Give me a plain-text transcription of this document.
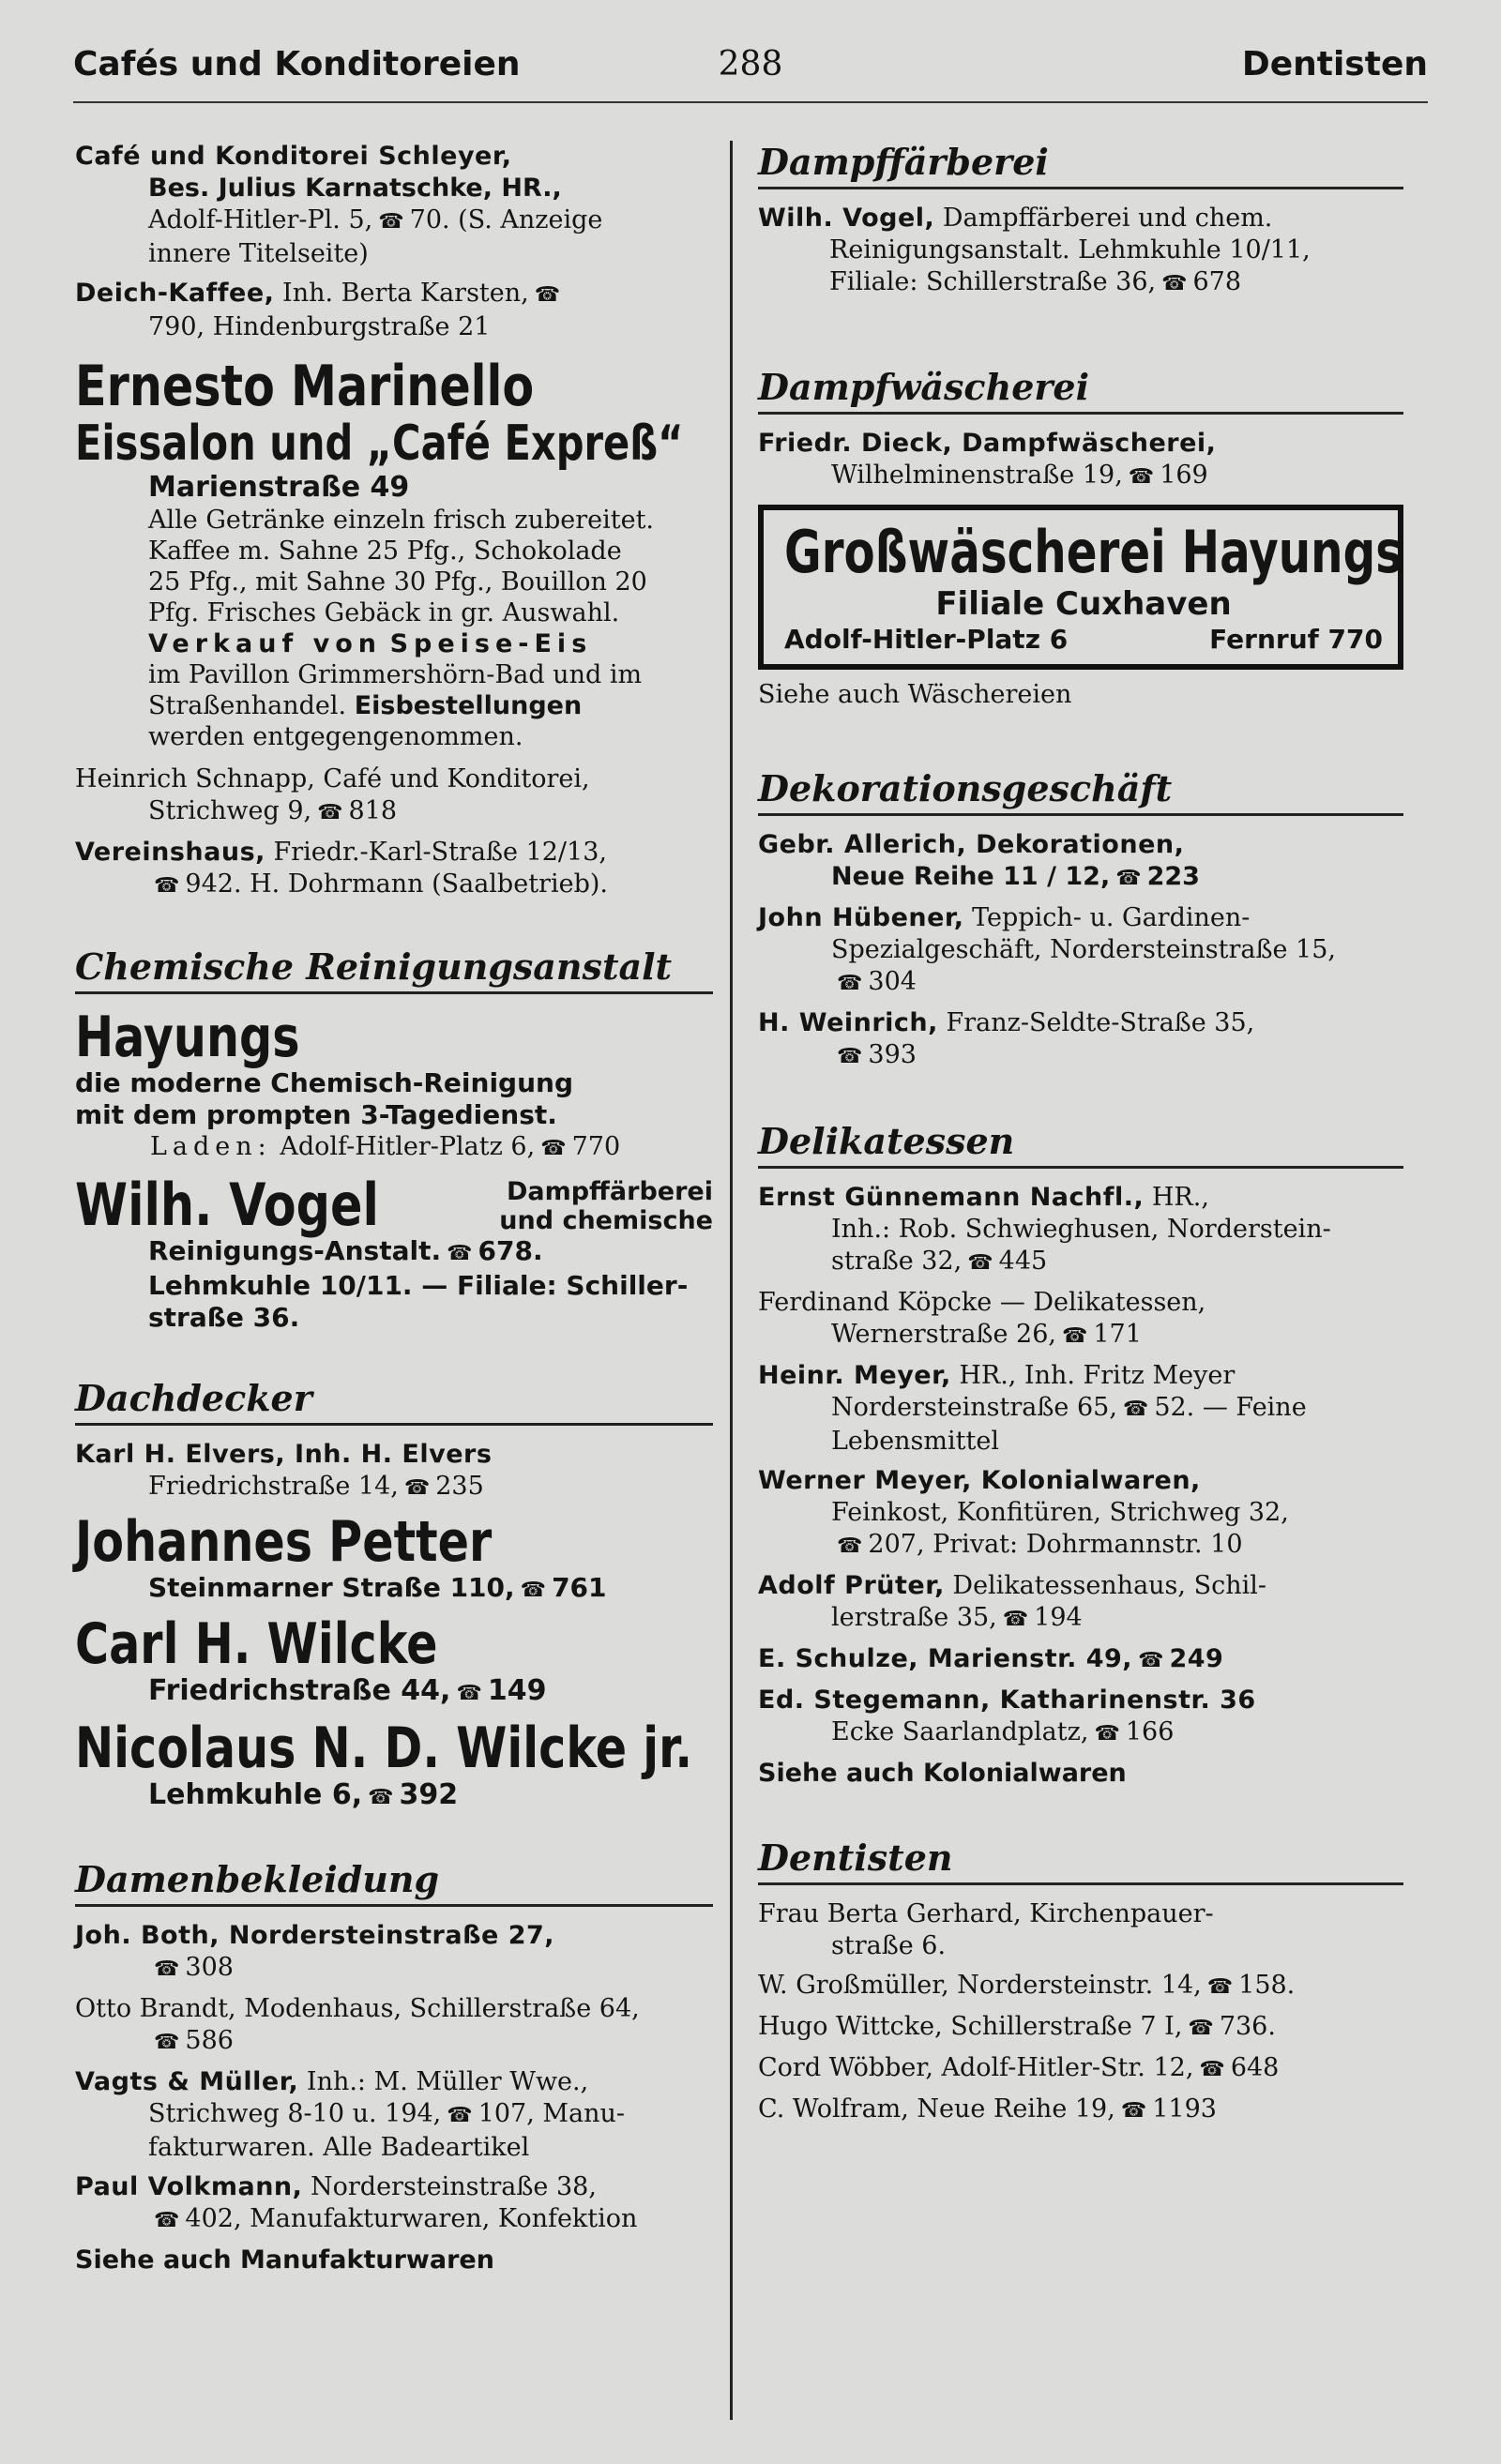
Cafés und Konditoreien	288	Dentisten
Café und Konditorei Schleyer,
Bes. Julius Karnatschke, HR.,
Adolf-Hitler-Pl. 5, ☎ 70. (S. Anzeige
innere Titelseite)
Deich-Kaffee, Inh. Berta Karsten, ☎
790, Hindenburgstraße 21
Ernesto Marinello
Eissalon und „Café Expreß“
Marienstraße 49
Alle Getränke einzeln frisch zubereitet.
Kaffee m. Sahne 25 Pfg., Schokolade
25 Pfg., mit Sahne 30 Pfg., Bouillon 20
Pfg. Frisches Gebäck in gr. Auswahl.
Verkauf von Speise-Eis
im Pavillon Grimmershörn-Bad und im
Straßenhandel. Eisbestellungen
werden entgegengenommen.
Heinrich Schnapp, Café und Konditorei,
Strichweg 9, ☎ 818
Vereinshaus, Friedr.-Karl-Straße 12/13,
☎ 942. H. Dohrmann (Saalbetrieb).
Chemische Reinigungsanstalt
Hayungs
die moderne Chemisch-Reinigung
mit dem prompten 3-Tagedienst.
Laden: Adolf-Hitler-Platz 6, ☎ 770
Wilh. Vogel	Dampffärberei
und chemische
Reinigungs-Anstalt. ☎ 678.
Lehmkuhle 10/11. — Filiale: Schiller-
straße 36.
Dachdecker
Karl H. Elvers, Inh. H. Elvers
Friedrichstraße 14, ☎ 235
Johannes Petter
Steinmarner Straße 110, ☎ 761
Carl H. Wilcke
Friedrichstraße 44, ☎ 149
Nicolaus N. D. Wilcke jr.
Lehmkuhle 6, ☎ 392
Damenbekleidung
Joh. Both, Nordersteinstraße 27,
☎ 308
Otto Brandt, Modenhaus, Schillerstraße 64,
☎ 586
Vagts & Müller, Inh.: M. Müller Wwe.,
Strichweg 8-10 u. 194, ☎ 107, Manu-
fakturwaren. Alle Badeartikel
Paul Volkmann, Nordersteinstraße 38,
☎ 402, Manufakturwaren, Konfektion
Siehe auch Manufakturwaren
Dampffärberei
Wilh. Vogel, Dampffärberei und chem.
Reinigungsanstalt. Lehmkuhle 10/11,
Filiale: Schillerstraße 36, ☎ 678
Dampfwäscherei
Friedr. Dieck, Dampfwäscherei,
Wilhelminenstraße 19, ☎ 169
Großwäscherei Hayungs
Filiale Cuxhaven
Adolf-Hitler-Platz 6	Fernruf 770
Siehe auch Wäschereien
Dekorationsgeschäft
Gebr. Allerich, Dekorationen,
Neue Reihe 11 / 12, ☎ 223
John Hübener, Teppich- u. Gardinen-
Spezialgeschäft, Nordersteinstraße 15,
☎ 304
H. Weinrich, Franz-Seldte-Straße 35,
☎ 393
Delikatessen
Ernst Günnemann Nachfl., HR.,
Inh.: Rob. Schwieghusen, Norderstein-
straße 32, ☎ 445
Ferdinand Köpcke — Delikatessen,
Wernerstraße 26, ☎ 171
Heinr. Meyer, HR., Inh. Fritz Meyer
Nordersteinstraße 65, ☎ 52. — Feine
Lebensmittel
Werner Meyer, Kolonialwaren,
Feinkost, Konfitüren, Strichweg 32,
☎ 207, Privat: Dohrmannstr. 10
Adolf Prüter, Delikatessenhaus, Schil-
lerstraße 35, ☎ 194
E. Schulze, Marienstr. 49, ☎ 249
Ed. Stegemann, Katharinenstr. 36
Ecke Saarlandplatz, ☎ 166
Siehe auch Kolonialwaren
Dentisten
Frau Berta Gerhard, Kirchenpauer-
straße 6.
W. Großmüller, Nordersteinstr. 14, ☎ 158.
Hugo Wittcke, Schillerstraße 7 I, ☎ 736.
Cord Wöbber, Adolf-Hitler-Str. 12, ☎ 648
C. Wolfram, Neue Reihe 19, ☎ 1193
